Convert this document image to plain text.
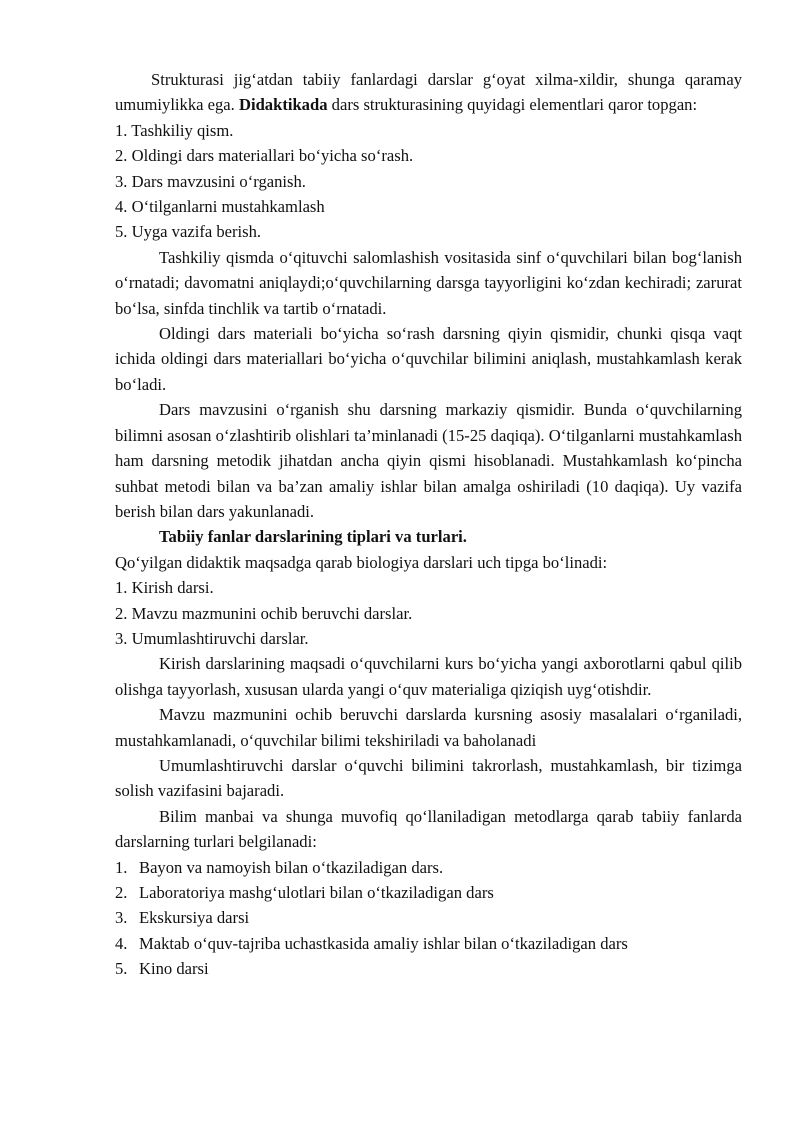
Strukturasi jig‘atdan tabiiy fanlardagi darslar g‘oyat xilma-xildir, shunga qaramay umumiylikka ega. Didaktikada dars strukturasining quyidagi elementlari qaror topgan:

1. Tashkiliy qism.

2. Oldingi dars materiallari bo‘yicha so‘rash.

3. Dars mavzusini o‘rganish.

4. O‘tilganlarni mustahkamlash

5. Uyga vazifa berish.

Tashkiliy qismda o‘qituvchi salomlashish vositasida sinf o‘quvchilari bilan bog‘lanish o‘rnatadi; davomatni aniqlaydi;o‘quvchilarning darsga tayyorligini ko‘zdan kechiradi; zarurat bo‘lsa, sinfda tinchlik va tartib o‘rnatadi.

Oldingi dars materiali bo‘yicha so‘rash darsning qiyin qismidir, chunki qisqa vaqt ichida oldingi dars materiallari bo‘yicha o‘quvchilar bilimini aniqlash, mustahkamlash kerak bo‘ladi.

Dars mavzusini o‘rganish shu darsning markaziy qismidir. Bunda o‘quvchilarning bilimni asosan o‘zlashtirib olishlari ta’minlanadi (15-25 daqiqa). O‘tilganlarni mustahkamlash ham darsning metodik jihatdan ancha qiyin qismi hisoblanadi. Mustahkamlash ko‘pincha suhbat metodi bilan va ba’zan amaliy ishlar bilan amalga oshiriladi (10 daqiqa). Uy vazifa berish bilan dars yakunlanadi.

Tabiiy fanlar darslarining tiplari va turlari.

Qo‘yilgan didaktik maqsadga qarab biologiya darslari uch tipga bo‘linadi:

1. Kirish darsi.

2. Mavzu mazmunini ochib beruvchi darslar.

3. Umumlashtiruvchi darslar.

Kirish darslarining maqsadi o‘quvchilarni kurs bo‘yicha yangi axborotlarni qabul qilib olishga tayyorlash, xususan ularda yangi o‘quv materialiga qiziqish uyg‘otishdir.

Mavzu mazmunini ochib beruvchi darslarda kursning asosiy masalalari o‘rganiladi, mustahkamlanadi, o‘quvchilar bilimi tekshiriladi va baholanadi

Umumlashtiruvchi darslar o‘quvchi bilimini takrorlash, mustahkamlash, bir tizimga solish vazifasini bajaradi.

Bilim manbai va shunga muvofiq qo‘llaniladigan metodlarga qarab tabiiy fanlarda darslarning turlari belgilanadi:

1. Bayon va namoyish bilan o‘tkaziladigan dars.

2. Laboratoriya mashg‘ulotlari bilan o‘tkaziladigan dars

3. Ekskursiya darsi

4. Maktab o‘quv-tajriba uchastkasida amaliy ishlar bilan o‘tkaziladigan dars

5. Kino darsi
